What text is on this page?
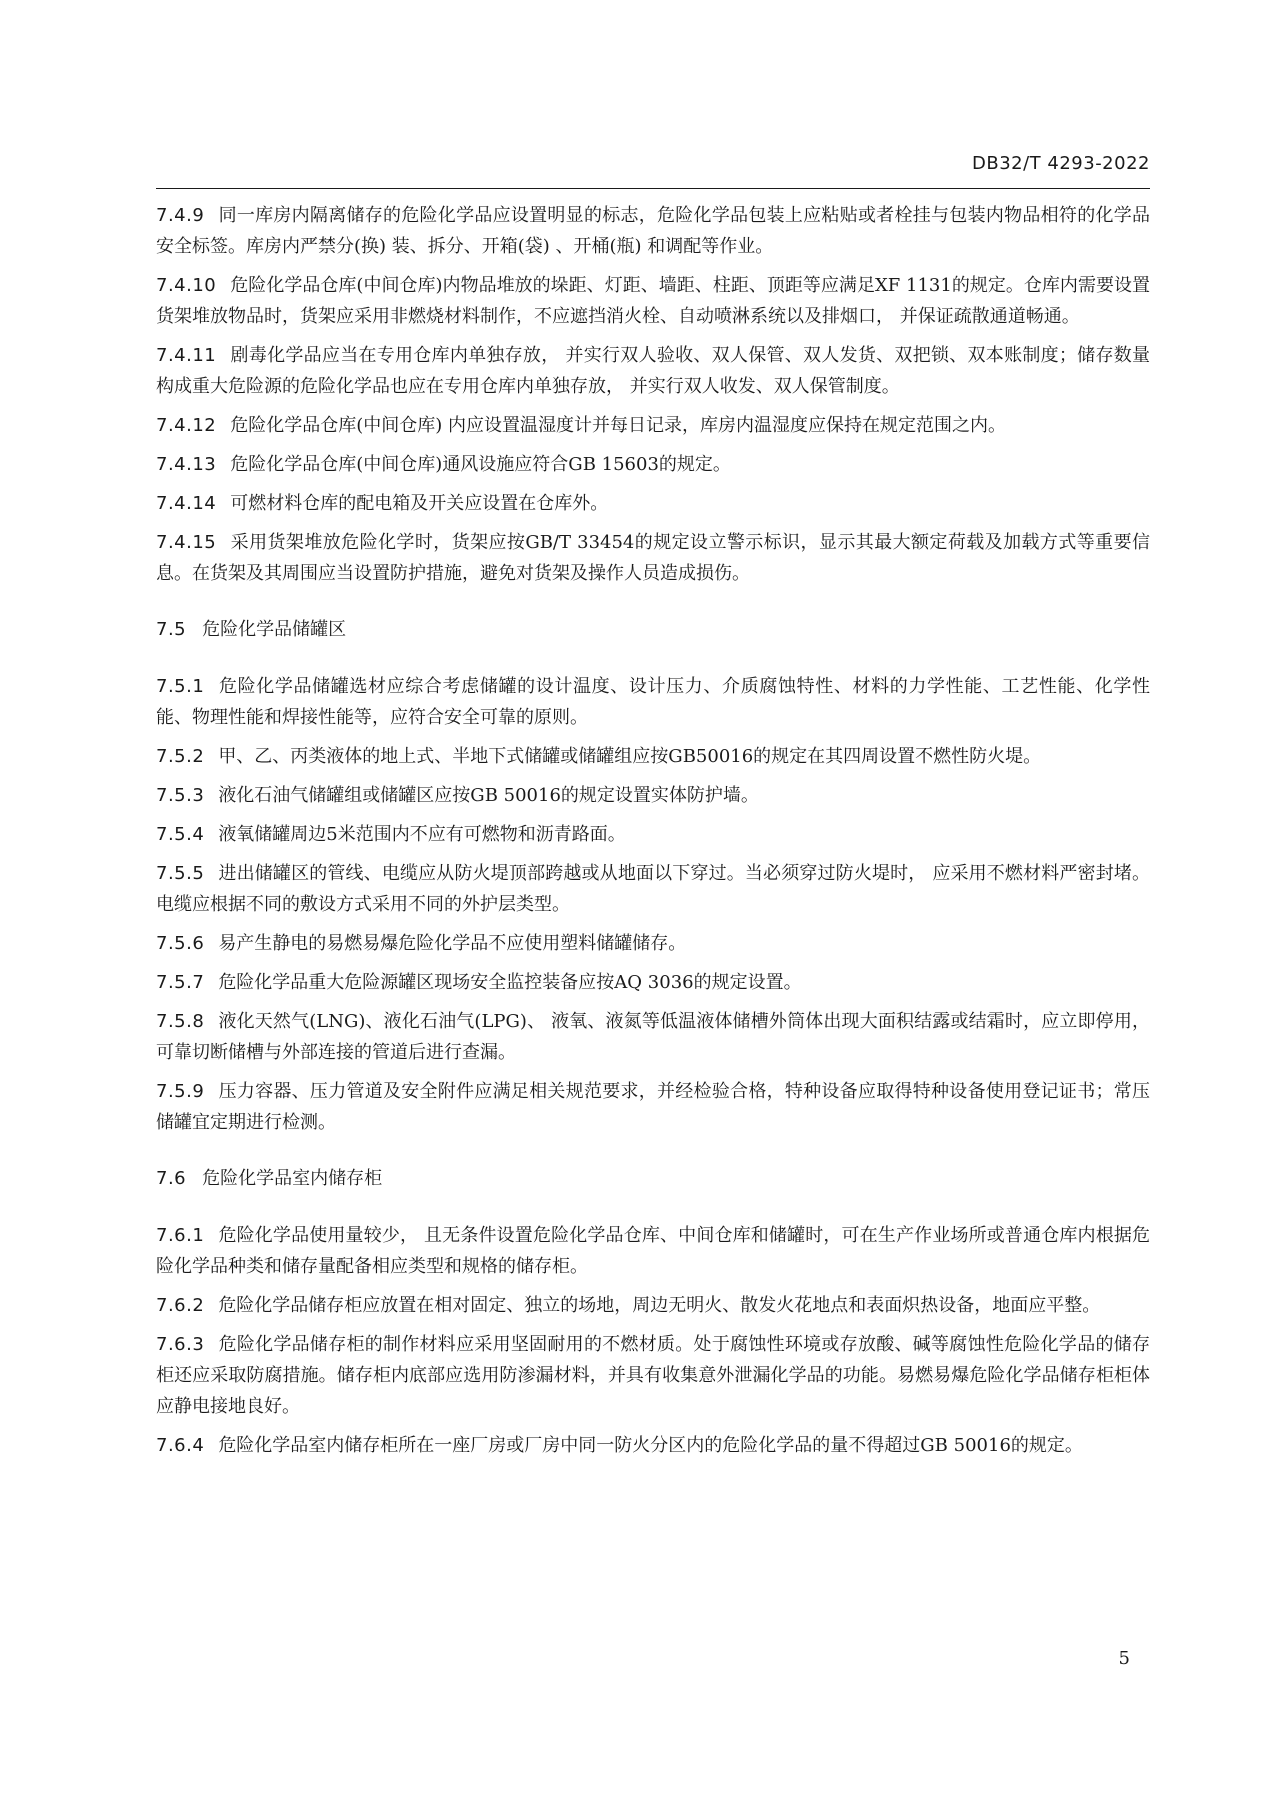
DB32/T 4293-2022

7.4.9 同一库房内隔离储存的危险化学品应设置明显的标志，危险化学品包装上应粘贴或者栓挂与包装内物品相符的化学品安全标签。库房内严禁分(换) 装、拆分、开箱(袋) 、开桶(瓶) 和调配等作业。

7.4.10 危险化学品仓库(中间仓库)内物品堆放的垛距、灯距、墙距、柱距、顶距等应满足XF 1131的规定。仓库内需要设置货架堆放物品时，货架应采用非燃烧材料制作，不应遮挡消火栓、自动喷淋系统以及排烟口， 并保证疏散通道畅通。

7.4.11 剧毒化学品应当在专用仓库内单独存放， 并实行双人验收、双人保管、双人发货、双把锁、双本账制度；储存数量构成重大危险源的危险化学品也应在专用仓库内单独存放， 并实行双人收发、双人保管制度。

7.4.12 危险化学品仓库(中间仓库) 内应设置温湿度计并每日记录，库房内温湿度应保持在规定范围之内。

7.4.13 危险化学品仓库(中间仓库)通风设施应符合GB 15603的规定。

7.4.14 可燃材料仓库的配电箱及开关应设置在仓库外。

7.4.15 采用货架堆放危险化学时，货架应按GB/T 33454的规定设立警示标识，显示其最大额定荷载及加载方式等重要信息。在货架及其周围应当设置防护措施，避免对货架及操作人员造成损伤。

7.5 危险化学品储罐区

7.5.1 危险化学品储罐选材应综合考虑储罐的设计温度、设计压力、介质腐蚀特性、材料的力学性能、工艺性能、化学性能、物理性能和焊接性能等，应符合安全可靠的原则。

7.5.2 甲、乙、丙类液体的地上式、半地下式储罐或储罐组应按GB50016的规定在其四周设置不燃性防火堤。

7.5.3 液化石油气储罐组或储罐区应按GB 50016的规定设置实体防护墙。

7.5.4 液氧储罐周边5米范围内不应有可燃物和沥青路面。

7.5.5 进出储罐区的管线、电缆应从防火堤顶部跨越或从地面以下穿过。当必须穿过防火堤时， 应采用不燃材料严密封堵。电缆应根据不同的敷设方式采用不同的外护层类型。

7.5.6 易产生静电的易燃易爆危险化学品不应使用塑料储罐储存。

7.5.7 危险化学品重大危险源罐区现场安全监控装备应按AQ 3036的规定设置。

7.5.8 液化天然气(LNG)、液化石油气(LPG)、 液氧、液氮等低温液体储槽外筒体出现大面积结露或结霜时，应立即停用，可靠切断储槽与外部连接的管道后进行查漏。

7.5.9 压力容器、压力管道及安全附件应满足相关规范要求，并经检验合格，特种设备应取得特种设备使用登记证书；常压储罐宜定期进行检测。

7.6 危险化学品室内储存柜

7.6.1 危险化学品使用量较少， 且无条件设置危险化学品仓库、中间仓库和储罐时，可在生产作业场所或普通仓库内根据危险化学品种类和储存量配备相应类型和规格的储存柜。

7.6.2 危险化学品储存柜应放置在相对固定、独立的场地，周边无明火、散发火花地点和表面炽热设备，地面应平整。

7.6.3 危险化学品储存柜的制作材料应采用坚固耐用的不燃材质。处于腐蚀性环境或存放酸、碱等腐蚀性危险化学品的储存柜还应采取防腐措施。储存柜内底部应选用防渗漏材料，并具有收集意外泄漏化学品的功能。易燃易爆危险化学品储存柜柜体应静电接地良好。

7.6.4 危险化学品室内储存柜所在一座厂房或厂房中同一防火分区内的危险化学品的量不得超过GB 50016的规定。

5
